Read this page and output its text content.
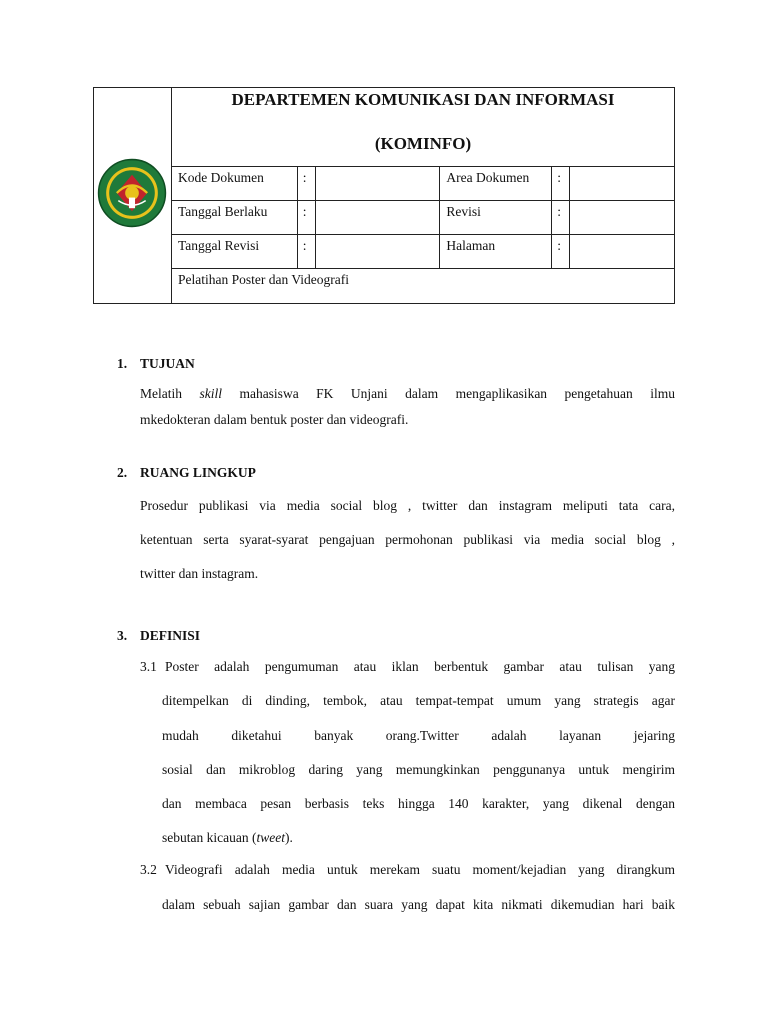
DEPARTEMEN KOMUNIKASI DAN INFORMASI
(KOMINFO)					

	Kode Dokumen	:		Area Dokumen	:	
	Tanggal Berlaku	:		Revisi	:	
	Tanggal Revisi	:		Halaman	:	
	Pelatihan Poster dan Videografi					
1. TUJUAN
Melatih skill mahasiswa FK Unjani dalam mengaplikasikan pengetahuan ilmu
mkedokteran dalam bentuk poster dan videografi.
2. RUANG LINGKUP
Prosedur publikasi via media social blog , twitter dan instagram meliputi tata cara,
ketentuan serta syarat-syarat pengajuan permohonan publikasi via media social blog ,
twitter dan instagram.
3. DEFINISI
3.1 Poster adalah pengumuman atau iklan berbentuk gambar atau tulisan yang
ditempelkan di dinding, tembok, atau tempat-tempat umum yang strategis agar
mudah diketahui banyak orang.Twitter adalah layanan jejaring
sosial dan mikroblog daring yang memungkinkan penggunanya untuk mengirim
dan membaca pesan berbasis teks hingga 140 karakter, yang dikenal dengan
sebutan kicauan (tweet).
3.2 Videografi adalah media untuk merekam suatu moment/kejadian yang dirangkum
dalam sebuah sajian gambar dan suara yang dapat kita nikmati dikemudian hari baik
